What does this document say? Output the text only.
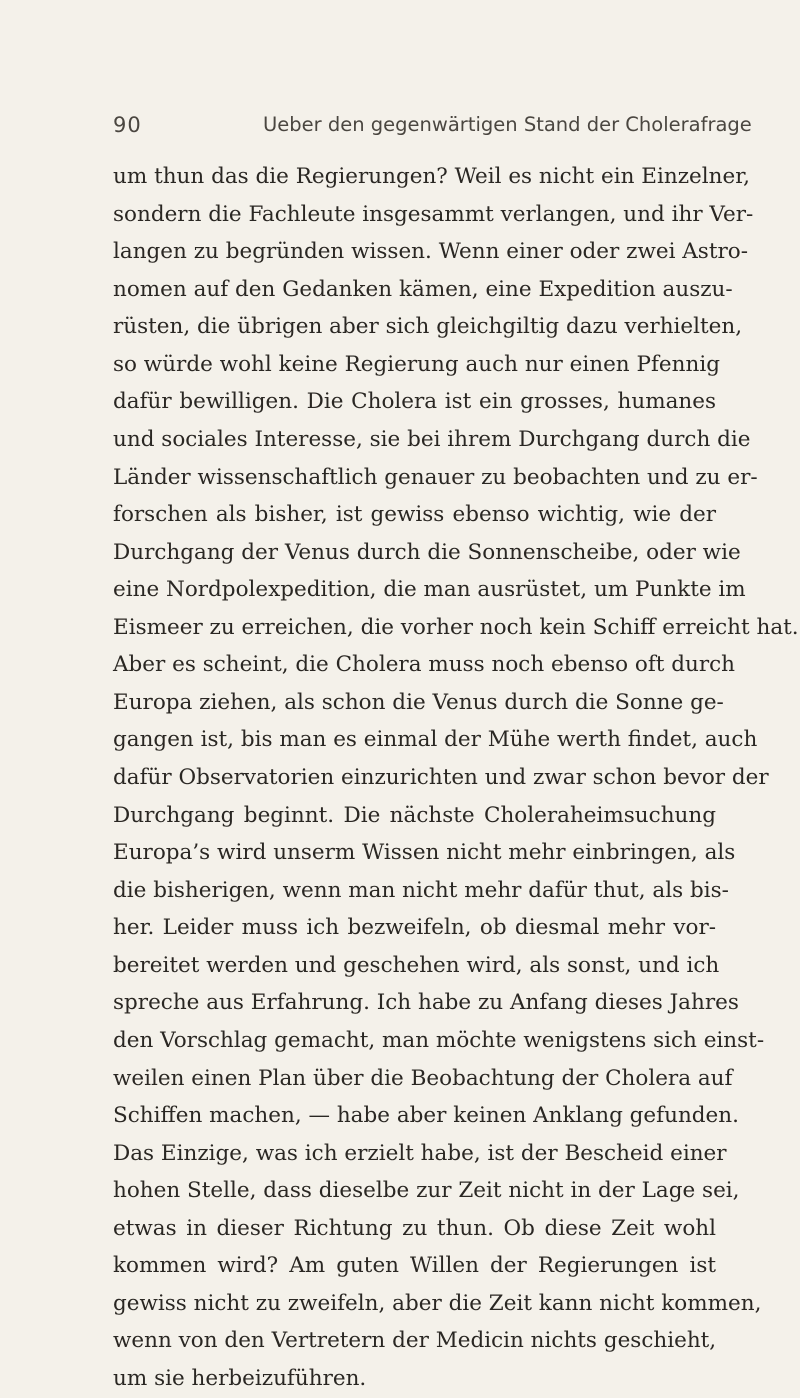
90	Ueber den gegenwärtigen Stand der Cholerafrage
um thun das die Regierungen? Weil es nicht ein Einzelner,
sondern die Fachleute insgesammt verlangen, und ihr Ver-
langen zu begründen wissen. Wenn einer oder zwei Astro-
nomen auf den Gedanken kämen, eine Expedition auszu-
rüsten, die übrigen aber sich gleichgiltig dazu verhielten,
so würde wohl keine Regierung auch nur einen Pfennig
dafür bewilligen. Die Cholera ist ein grosses, humanes
und sociales Interesse, sie bei ihrem Durchgang durch die
Länder wissenschaftlich genauer zu beobachten und zu er-
forschen als bisher, ist gewiss ebenso wichtig, wie der
Durchgang der Venus durch die Sonnenscheibe, oder wie
eine Nordpolexpedition, die man ausrüstet, um Punkte im
Eismeer zu erreichen, die vorher noch kein Schiff erreicht hat.
Aber es scheint, die Cholera muss noch ebenso oft durch
Europa ziehen, als schon die Venus durch die Sonne ge-
gangen ist, bis man es einmal der Mühe werth findet, auch
dafür Observatorien einzurichten und zwar schon bevor der
Durchgang beginnt. Die nächste Choleraheimsuchung
Europa’s wird unserm Wissen nicht mehr einbringen, als
die bisherigen, wenn man nicht mehr dafür thut, als bis-
her. Leider muss ich bezweifeln, ob diesmal mehr vor-
bereitet werden und geschehen wird, als sonst, und ich
spreche aus Erfahrung. Ich habe zu Anfang dieses Jahres
den Vorschlag gemacht, man möchte wenigstens sich einst-
weilen einen Plan über die Beobachtung der Cholera auf
Schiffen machen, — habe aber keinen Anklang gefunden.
Das Einzige, was ich erzielt habe, ist der Bescheid einer
hohen Stelle, dass dieselbe zur Zeit nicht in der Lage sei,
etwas in dieser Richtung zu thun. Ob diese Zeit wohl
kommen wird? Am guten Willen der Regierungen ist
gewiss nicht zu zweifeln, aber die Zeit kann nicht kommen,
wenn von den Vertretern der Medicin nichts geschieht,
um sie herbeizuführen.
